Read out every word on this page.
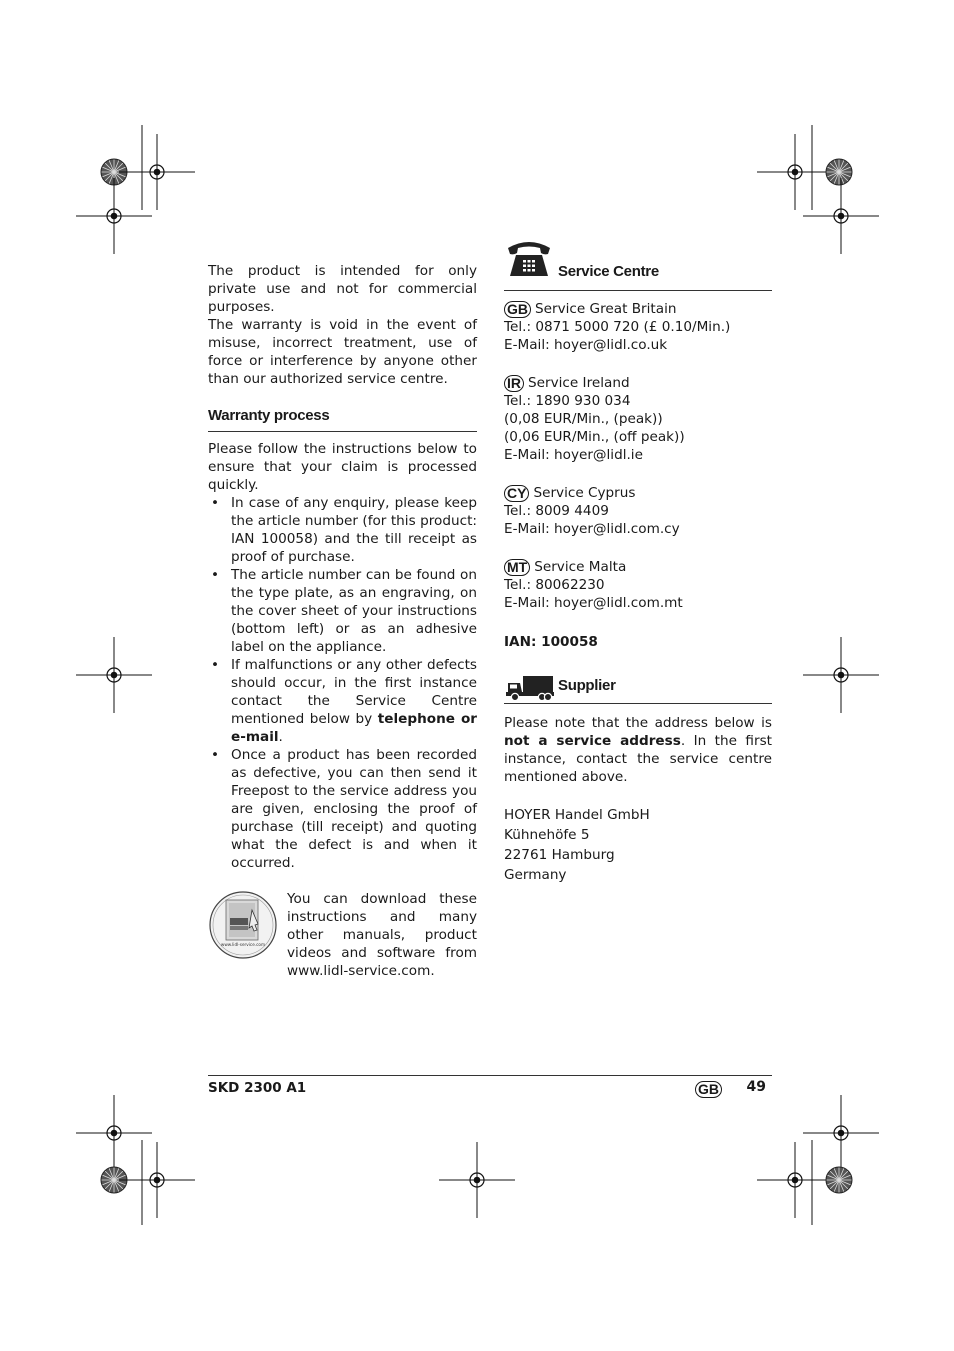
The product is intended for only private use and not for commercial purposes.

The warranty is void in the event of misuse, incorrect treatment, use of force or interference by anyone other than our authorized service centre.

Warranty process

Please follow the instructions below to ensure that your claim is processed quickly.

• In case of any enquiry, please keep the article number (for this product: IAN 100058) and the till receipt as proof of purchase.
• The article number can be found on the type plate, as an engraving, on the cover sheet of your instructions (bottom left) or as an adhesive label on the appliance.
• If malfunctions or any other defects should occur, in the first instance contact the Service Centre mentioned below by telephone or e-mail.
• Once a product has been recorded as defective, you can then send it Freepost to the service address you are given, enclosing the proof of purchase (till receipt) and quoting what the defect is and when it occurred.
www.lidl-service.com
You can download these instructions and many other manuals, product videos and software from
www.lidl-service.com.
Service Centre
GB Service Great Britain
Tel.: 0871 5000 720 (£ 0.10/Min.)
E-Mail: hoyer@lidl.co.uk
IR Service Ireland
Tel.: 1890 930 034
(0,08 EUR/Min., (peak))
(0,06 EUR/Min., (off peak))
E-Mail: hoyer@lidl.ie
CY Service Cyprus
Tel.: 8009 4409
E-Mail: hoyer@lidl.com.cy
MT Service Malta
Tel.: 80062230
E-Mail: hoyer@lidl.com.mt
IAN: 100058
Supplier

Please note that the address below is not a service address. In the first instance, contact the service centre mentioned above.

HOYER Handel GmbH
Kühnehöfe 5
22761 Hamburg
Germany
SKD 2300 A1	GB 49
